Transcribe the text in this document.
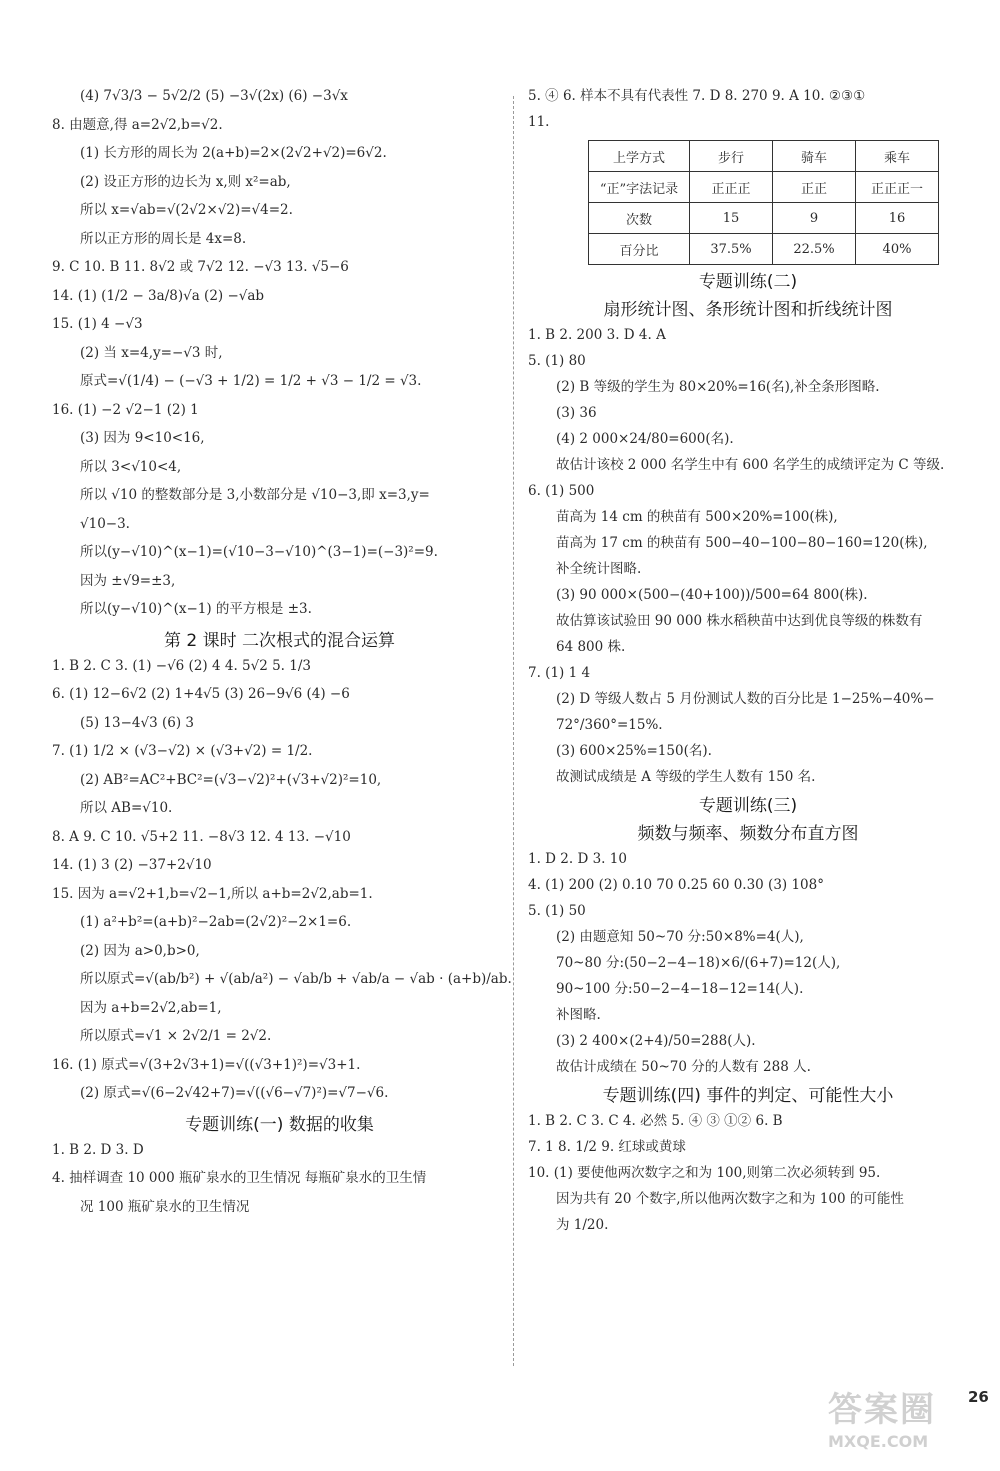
(4) 7√3/3 − 5√2/2 (5) −3√(2x) (6) −3√x
8. 由题意,得 a=2√2,b=√2.
(1) 长方形的周长为 2(a+b)=2×(2√2+√2)=6√2.
(2) 设正方形的边长为 x,则 x²=ab,
所以 x=√ab=√(2√2×√2)=√4=2.
所以正方形的周长是 4x=8.
9. C 10. B 11. 8√2 或 7√2 12. −√3 13. √5−6
14. (1) (1/2 − 3a/8)√a (2) −√ab
15. (1) 4 −√3
(2) 当 x=4,y=−√3 时,
原式=√(1/4) − (−√3 + 1/2) = 1/2 + √3 − 1/2 = √3.
16. (1) −2 √2−1 (2) 1
(3) 因为 9<10<16,
所以 3<√10<4,
所以 √10 的整数部分是 3,小数部分是 √10−3,即 x=3,y=
√10−3.
所以(y−√10)^(x−1)=(√10−3−√10)^(3−1)=(−3)²=9.
因为 ±√9=±3,
所以(y−√10)^(x−1) 的平方根是 ±3.
第 2 课时 二次根式的混合运算
1. B 2. C 3. (1) −√6 (2) 4 4. 5√2 5. 1/3
6. (1) 12−6√2 (2) 1+4√5 (3) 26−9√6 (4) −6
(5) 13−4√3 (6) 3
7. (1) 1/2 × (√3−√2) × (√3+√2) = 1/2.
(2) AB²=AC²+BC²=(√3−√2)²+(√3+√2)²=10,
所以 AB=√10.
8. A 9. C 10. √5+2 11. −8√3 12. 4 13. −√10
14. (1) 3 (2) −37+2√10
15. 因为 a=√2+1,b=√2−1,所以 a+b=2√2,ab=1.
(1) a²+b²=(a+b)²−2ab=(2√2)²−2×1=6.
(2) 因为 a>0,b>0,
所以原式=√(ab/b²) + √(ab/a²) − √ab/b + √ab/a − √ab · (a+b)/ab.
因为 a+b=2√2,ab=1,
所以原式=√1 × 2√2/1 = 2√2.
16. (1) 原式=√(3+2√3+1)=√((√3+1)²)=√3+1.
(2) 原式=√(6−2√42+7)=√((√6−√7)²)=√7−√6.
专题训练(一) 数据的收集
1. B 2. D 3. D
4. 抽样调查 10 000 瓶矿泉水的卫生情况 每瓶矿泉水的卫生情
况 100 瓶矿泉水的卫生情况
5. ④ 6. 样本不具有代表性 7. D 8. 270 9. A 10. ②③①
11.
上学方式	步行	骑车	乘车
“正”字法记录	正正正	正正	正正正一
次数	15	9	16
百分比	37.5%	22.5%	40%
专题训练(二)
扇形统计图、条形统计图和折线统计图
1. B 2. 200 3. D 4. A
5. (1) 80
(2) B 等级的学生为 80×20%=16(名),补全条形图略.
(3) 36
(4) 2 000×24/80=600(名).
故估计该校 2 000 名学生中有 600 名学生的成绩评定为 C 等级.
6. (1) 500
苗高为 14 cm 的秧苗有 500×20%=100(株),
苗高为 17 cm 的秧苗有 500−40−100−80−160=120(株),
补全统计图略.
(3) 90 000×(500−(40+100))/500=64 800(株).
故估算该试验田 90 000 株水稻秧苗中达到优良等级的株数有
64 800 株.
7. (1) 1 4
(2) D 等级人数占 5 月份测试人数的百分比是 1−25%−40%−
72°/360°=15%.
(3) 600×25%=150(名).
故测试成绩是 A 等级的学生人数有 150 名.
专题训练(三)
频数与频率、频数分布直方图
1. D 2. D 3. 10
4. (1) 200 (2) 0.10 70 0.25 60 0.30 (3) 108°
5. (1) 50
(2) 由题意知 50~70 分:50×8%=4(人),
70~80 分:(50−2−4−18)×6/(6+7)=12(人),
90~100 分:50−2−4−18−12=14(人).
补图略.
(3) 2 400×(2+4)/50=288(人).
故估计成绩在 50~70 分的人数有 288 人.
专题训练(四) 事件的判定、可能性大小
1. B 2. C 3. C 4. 必然 5. ④ ③ ①② 6. B
7. 1 8. 1/2 9. 红球或黄球
10. (1) 要使他两次数字之和为 100,则第二次必须转到 95.
因为共有 20 个数字,所以他两次数字之和为 100 的可能性
为 1/20.
26
答案圈
MXQE.COM
